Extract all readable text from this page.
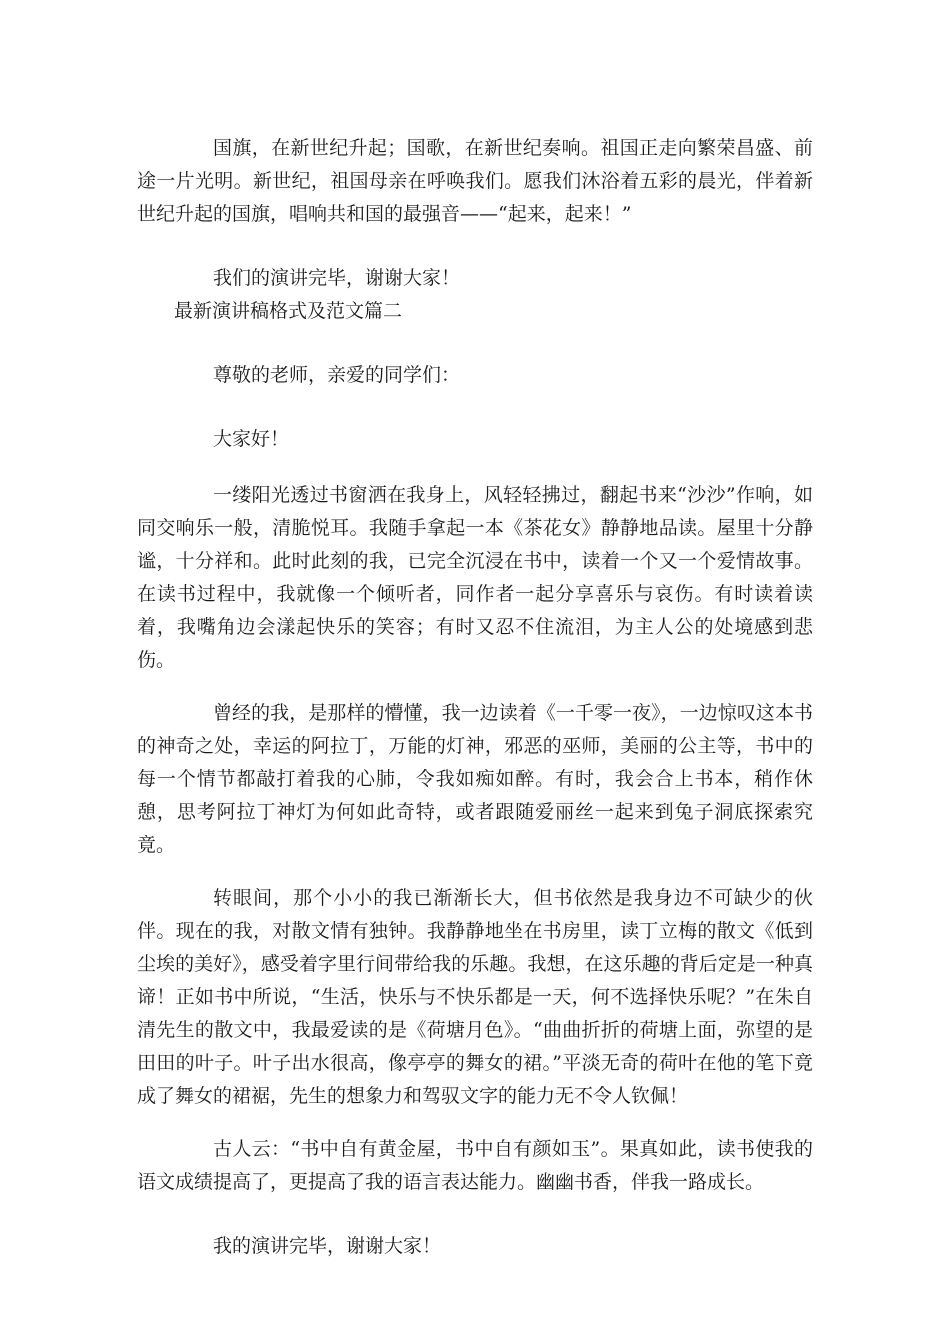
国旗，在新世纪升起；国歌，在新世纪奏响。祖国正走向繁荣昌盛、前途一片光明。新世纪，祖国母亲在呼唤我们。愿我们沐浴着五彩的晨光，伴着新世纪升起的国旗，唱响共和国的最强音——“起来，起来！”

我们的演讲完毕，谢谢大家！

最新演讲稿格式及范文篇二

尊敬的老师，亲爱的同学们：

大家好！

一缕阳光透过书窗洒在我身上，风轻轻拂过，翻起书来“沙沙”作响，如同交响乐一般，清脆悦耳。我随手拿起一本《茶花女》静静地品读。屋里十分静谧，十分祥和。此时此刻的我，已完全沉浸在书中，读着一个又一个爱情故事。在读书过程中，我就像一个倾听者，同作者一起分享喜乐与哀伤。有时读着读着，我嘴角边会漾起快乐的笑容；有时又忍不住流泪，为主人公的处境感到悲伤。

曾经的我，是那样的懵懂，我一边读着《一千零一夜》，一边惊叹这本书的神奇之处，幸运的阿拉丁，万能的灯神，邪恶的巫师，美丽的公主等，书中的每一个情节都敲打着我的心肺，令我如痴如醉。有时，我会合上书本，稍作休憩，思考阿拉丁神灯为何如此奇特，或者跟随爱丽丝一起来到兔子洞底探索究竟。

转眼间，那个小小的我已渐渐长大，但书依然是我身边不可缺少的伙伴。现在的我，对散文情有独钟。我静静地坐在书房里，读丁立梅的散文《低到尘埃的美好》，感受着字里行间带给我的乐趣。我想，在这乐趣的背后定是一种真谛！正如书中所说，“生活，快乐与不快乐都是一天，何不选择快乐呢？”在朱自清先生的散文中，我最爱读的是《荷塘月色》。“曲曲折折的荷塘上面，弥望的是田田的叶子。叶子出水很高，像亭亭的舞女的裙。”平淡无奇的荷叶在他的笔下竟成了舞女的裙裾，先生的想象力和驾驭文字的能力无不令人钦佩！

古人云：“书中自有黄金屋，书中自有颜如玉”。果真如此，读书使我的语文成绩提高了，更提高了我的语言表达能力。幽幽书香，伴我一路成长。

我的演讲完毕，谢谢大家！
